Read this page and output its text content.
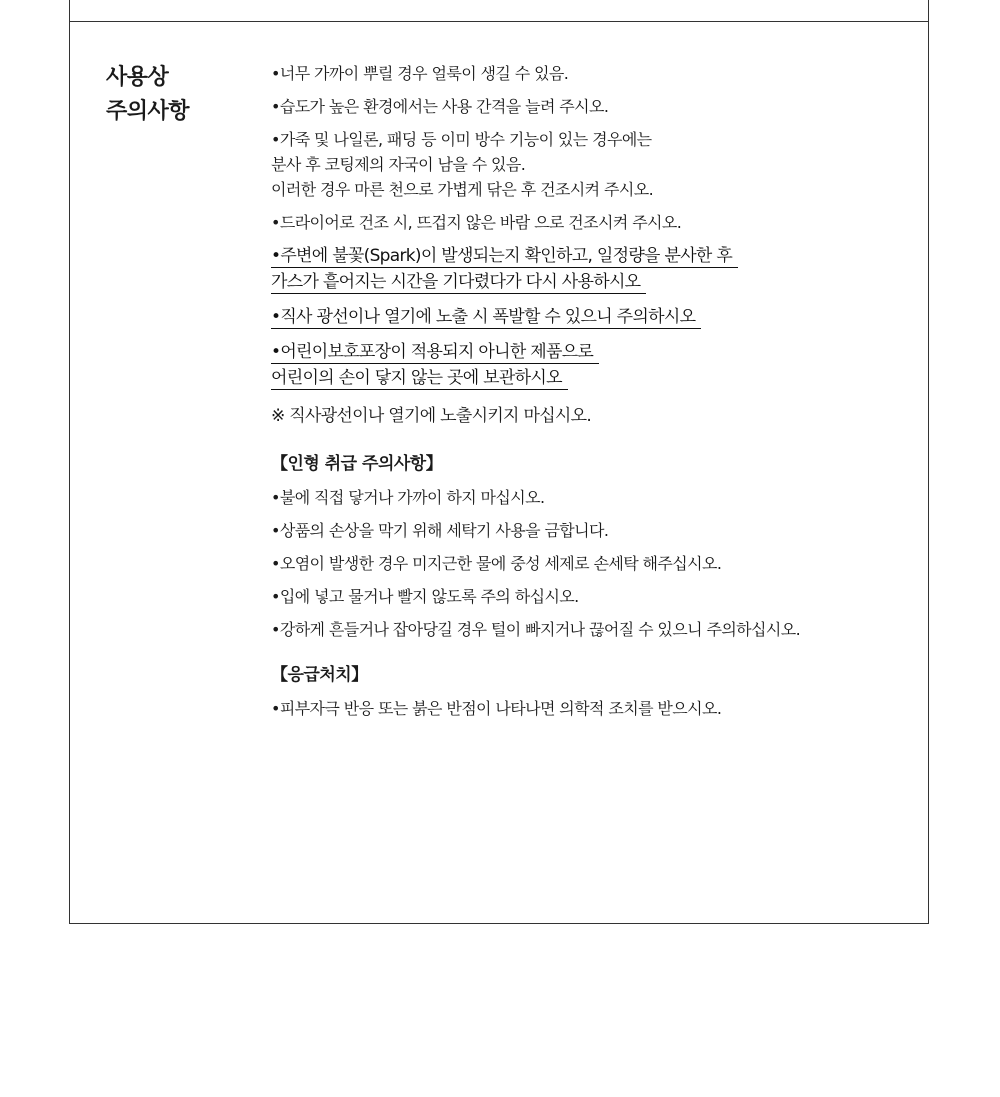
사용상
주의사항
•너무 가까이 뿌릴 경우 얼룩이 생길 수 있음.
•습도가 높은 환경에서는 사용 간격을 늘려 주시오.
•가죽 및 나일론, 패딩 등 이미 방수 기능이 있는 경우에는
분사 후 코팅제의 자국이 남을 수 있음.
이러한 경우 마른 천으로 가볍게 닦은 후 건조시켜 주시오.
•드라이어로 건조 시, 뜨겁지 않은 바람 으로 건조시켜 주시오.
•주변에 불꽃(Spark)이 발생되는지 확인하고, 일정량을 분사한 후
가스가 흩어지는 시간을 기다렸다가 다시 사용하시오
•직사 광선이나 열기에 노출 시 폭발할 수 있으니 주의하시오
•어린이보호포장이 적용되지 아니한 제품으로
어린이의 손이 닿지 않는 곳에 보관하시오
※ 직사광선이나 열기에 노출시키지 마십시오.
【인형 취급 주의사항】
•불에 직접 닿거나 가까이 하지 마십시오.
•상품의 손상을 막기 위해 세탁기 사용을 금합니다.
•오염이 발생한 경우 미지근한 물에 중성 세제로 손세탁 해주십시오.
•입에 넣고 물거나 빨지 않도록 주의 하십시오.
•강하게 흔들거나 잡아당길 경우 털이 빠지거나 끊어질 수 있으니 주의하십시오.
【응급처치】
•피부자극 반응 또는 붉은 반점이 나타나면 의학적 조치를 받으시오.
